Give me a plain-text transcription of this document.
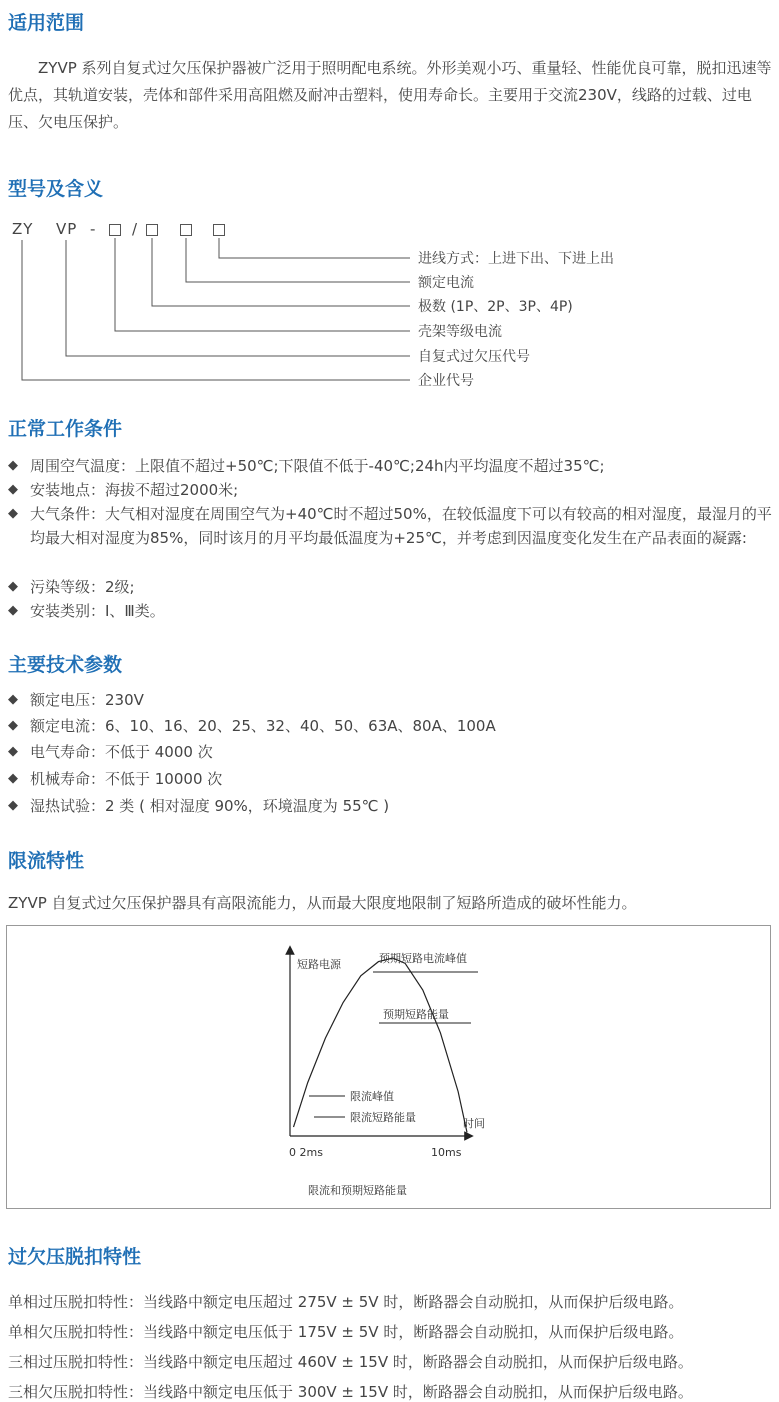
适用范围

ZYVP 系列自复式过欠压保护器被广泛用于照明配电系统。外形美观小巧、重量轻、性能优良可靠，脱扣迅速等优点，其轨道安装，壳体和部件采用高阻燃及耐冲击塑料，使用寿命长。主要用于交流230V，线路的过载、过电压、欠电压保护。

型号及含义
ZY VP - /
进线方式：上进下出、下进上出
额定电流
极数 (1P、2P、3P、4P)
壳架等级电流
自复式过欠压代号
企业代号
正常工作条件
◆ 周围空气温度：上限值不超过+50℃;下限值不低于-40℃;24h内平均温度不超过35℃;
◆ 安装地点：海拔不超过2000米;
◆ 大气条件：大气相对湿度在周围空气为+40℃时不超过50%，在较低温度下可以有较高的相对湿度，最湿月的平均最大相对湿度为85%，同时该月的月平均最低温度为+25℃，并考虑到因温度变化发生在产品表面的凝露:
◆ 污染等级：2级;
◆ 安装类别：Ⅰ、Ⅲ类。
主要技术参数
◆ 额定电压：230V
◆ 额定电流：6、10、16、20、25、32、40、50、63A、80A、100A
◆ 电气寿命：不低于 4000 次
◆ 机械寿命：不低于 10000 次
◆ 湿热试验：2 类 ( 相对湿度 90%，环境温度为 55℃ )
限流特性
ZYVP 自复式过欠压保护器具有高限流能力，从而最大限度地限制了短路所造成的破坏性能力。
短路电源
时间
0 2ms	10ms
预期短路电流峰值
预期短路能量
限流峰值
限流短路能量
限流和预期短路能量
过欠压脱扣特性
单相过压脱扣特性：当线路中额定电压超过 275V ± 5V 时，断路器会自动脱扣，从而保护后级电路。
单相欠压脱扣特性：当线路中额定电压低于 175V ± 5V 时，断路器会自动脱扣，从而保护后级电路。
三相过压脱扣特性：当线路中额定电压超过 460V ± 15V 时，断路器会自动脱扣，从而保护后级电路。
三相欠压脱扣特性：当线路中额定电压低于 300V ± 15V 时，断路器会自动脱扣，从而保护后级电路。
